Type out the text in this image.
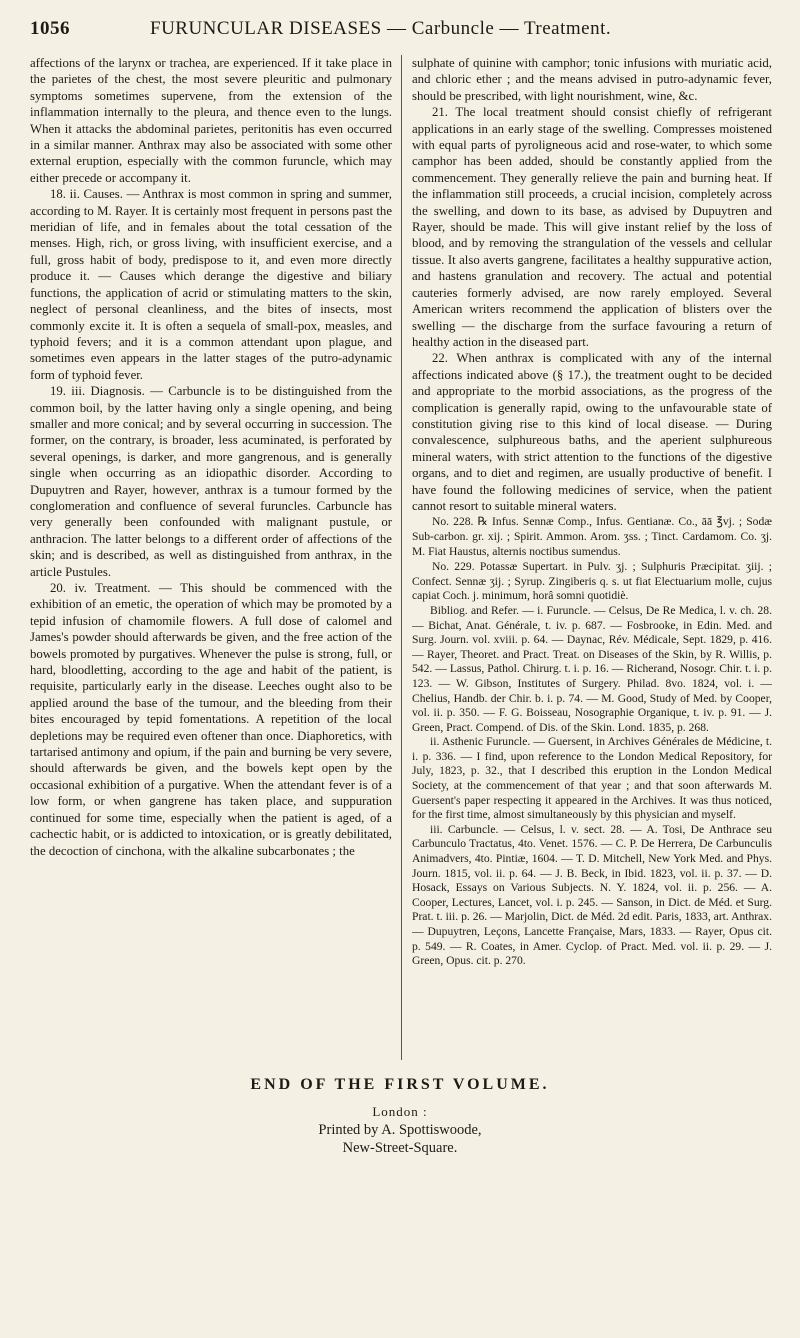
1056	FURUNCULAR DISEASES — Carbuncle — Treatment.

affections of the larynx or trachea, are experienced. If it take place in the parietes of the chest, the most severe pleuritic and pulmonary symptoms sometimes supervene, from the extension of the inflammation internally to the pleura, and thence even to the lungs. When it attacks the abdominal parietes, peritonitis has even occurred in a similar manner. Anthrax may also be associated with some other external eruption, especially with the common furuncle, which may either precede or accompany it.

18. ii. Causes. — Anthrax is most common in spring and summer, according to M. Rayer. It is certainly most frequent in persons past the meridian of life, and in females about the total cessation of the menses. High, rich, or gross living, with insufficient exercise, and a full, gross habit of body, predispose to it, and even more directly produce it. — Causes which derange the digestive and biliary functions, the application of acrid or stimulating matters to the skin, neglect of personal cleanliness, and the bites of insects, most commonly excite it. It is often a sequela of small-pox, measles, and typhoid fevers; and it is a common attendant upon plague, and sometimes even appears in the latter stages of the putro-adynamic form of typhoid fever.

19. iii. Diagnosis. — Carbuncle is to be distinguished from the common boil, by the latter having only a single opening, and being smaller and more conical; and by several occurring in succession. The former, on the contrary, is broader, less acuminated, is perforated by several openings, is darker, and more gangrenous, and is generally single when occurring as an idiopathic disorder. According to Dupuytren and Rayer, however, anthrax is a tumour formed by the conglomeration and confluence of several furuncles. Carbuncle has very generally been confounded with malignant pustule, or anthracion. The latter belongs to a different order of affections of the skin; and is described, as well as distinguished from anthrax, in the article Pustules.

20. iv. Treatment. — This should be commenced with the exhibition of an emetic, the operation of which may be promoted by a tepid infusion of chamomile flowers. A full dose of calomel and James's powder should afterwards be given, and the free action of the bowels promoted by purgatives. Whenever the pulse is strong, full, or hard, bloodletting, according to the age and habit of the patient, is requisite, particularly early in the disease. Leeches ought also to be applied around the base of the tumour, and the bleeding from their bites encouraged by tepid fomentations. A repetition of the local depletions may be required even oftener than once. Diaphoretics, with tartarised antimony and opium, if the pain and burning be very severe, should afterwards be given, and the bowels kept open by the occasional exhibition of a purgative. When the attendant fever is of a low form, or when gangrene has taken place, and suppuration continued for some time, especially when the patient is aged, of a cachectic habit, or is addicted to intoxication, or is greatly debilitated, the decoction of cinchona, with the alkaline subcarbonates ; the

sulphate of quinine with camphor; tonic infusions with muriatic acid, and chloric ether ; and the means advised in putro-adynamic fever, should be prescribed, with light nourishment, wine, &c.

21. The local treatment should consist chiefly of refrigerant applications in an early stage of the swelling. Compresses moistened with equal parts of pyroligneous acid and rose-water, to which some camphor has been added, should be constantly applied from the commencement. They generally relieve the pain and burning heat. If the inflammation still proceeds, a crucial incision, completely across the swelling, and down to its base, as advised by Dupuytren and Rayer, should be made. This will give instant relief by the loss of blood, and by removing the strangulation of the vessels and cellular tissue. It also averts gangrene, facilitates a healthy suppurative action, and hastens granulation and recovery. The actual and potential cauteries formerly advised, are now rarely employed. Several American writers recommend the application of blisters over the swelling — the discharge from the surface favouring a return of healthy action in the diseased part.

22. When anthrax is complicated with any of the internal affections indicated above (§ 17.), the treatment ought to be decided and appropriate to the morbid associations, as the progress of the complication is generally rapid, owing to the unfavourable state of constitution giving rise to this kind of local disease. — During convalescence, sulphureous baths, and the aperient sulphureous mineral waters, with strict attention to the functions of the digestive organs, and to diet and regimen, are usually productive of benefit. I have found the following medicines of service, when the patient cannot resort to suitable mineral waters.

No. 228. ℞ Infus. Sennæ Comp., Infus. Gentianæ. Co., āā ℥vj. ; Sodæ Sub-carbon. gr. xij. ; Spirit. Ammon. Arom. ʒss. ; Tinct. Cardamom. Co. ʒj. M. Fiat Haustus, alternis noctibus sumendus.

No. 229. Potassæ Supertart. in Pulv. ʒj. ; Sulphuris Præcipitat. ʒiij. ; Confect. Sennæ ʒij. ; Syrup. Zingiberis q. s. ut fiat Electuarium molle, cujus capiat Coch. j. minimum, horâ somni quotidiè.

Bibliog. and Refer. — i. Furuncle. — Celsus, De Re Medica, l. v. ch. 28. — Bichat, Anat. Générale, t. iv. p. 687. — Fosbrooke, in Edin. Med. and Surg. Journ. vol. xviii. p. 64. — Daynac, Rév. Médicale, Sept. 1829, p. 416. — Rayer, Theoret. and Pract. Treat. on Diseases of the Skin, by R. Willis, p. 542. — Lassus, Pathol. Chirurg. t. i. p. 16. — Richerand, Nosogr. Chir. t. i. p. 123. — W. Gibson, Institutes of Surgery. Philad. 8vo. 1824, vol. i. — Chelius, Handb. der Chir. b. i. p. 74. — M. Good, Study of Med. by Cooper, vol. ii. p. 350. — F. G. Boisseau, Nosographie Organique, t. iv. p. 91. — J. Green, Pract. Compend. of Dis. of the Skin. Lond. 1835, p. 268.

ii. Asthenic Furuncle. — Guersent, in Archives Générales de Médicine, t. i. p. 336. — I find, upon reference to the London Medical Repository, for July, 1823, p. 32., that I described this eruption in the London Medical Society, at the commencement of that year ; and that soon afterwards M. Guersent's paper respecting it appeared in the Archives. It was thus noticed, for the first time, almost simultaneously by this physician and myself.

iii. Carbuncle. — Celsus, l. v. sect. 28. — A. Tosi, De Anthrace seu Carbunculo Tractatus, 4to. Venet. 1576. — C. P. De Herrera, De Carbunculis Animadvers, 4to. Pintiæ, 1604. — T. D. Mitchell, New York Med. and Phys. Journ. 1815, vol. ii. p. 64. — J. B. Beck, in Ibid. 1823, vol. ii. p. 37. — D. Hosack, Essays on Various Subjects. N. Y. 1824, vol. ii. p. 256. — A. Cooper, Lectures, Lancet, vol. i. p. 245. — Sanson, in Dict. de Méd. et Surg. Prat. t. iii. p. 26. — Marjolin, Dict. de Méd. 2d edit. Paris, 1833, art. Anthrax. — Dupuytren, Leçons, Lancette Française, Mars, 1833. — Rayer, Opus cit. p. 549. — R. Coates, in Amer. Cyclop. of Pract. Med. vol. ii. p. 29. — J. Green, Opus. cit. p. 270.

END OF THE FIRST VOLUME.
London :
Printed by A. Spottiswoode,
New-Street-Square.
